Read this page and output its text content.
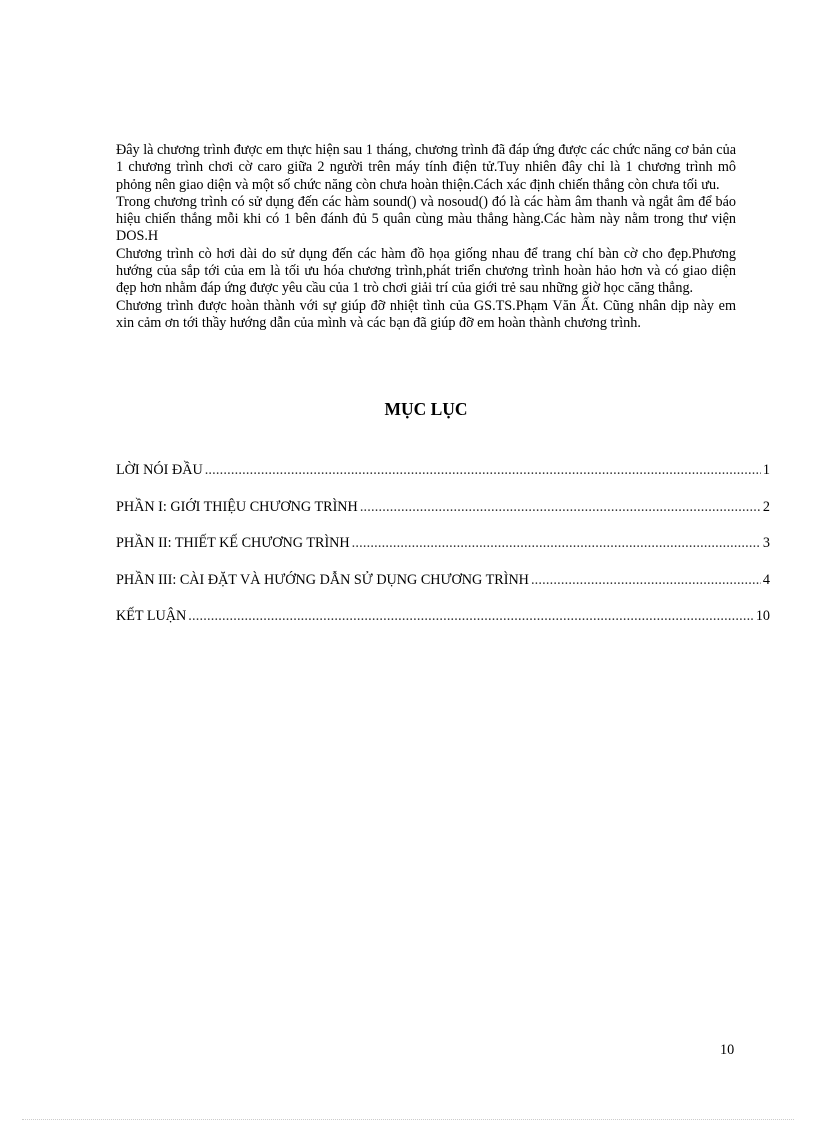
Đây là chương trình được em thực hiện sau 1 tháng, chương trình đã đáp ứng được các chức năng cơ bản của 1 chương trình chơi cờ caro giữa 2 người trên máy tính điện tử.Tuy nhiên đây chỉ là 1 chương trình mô phỏng nên giao diện và một số chức năng còn chưa hoàn thiện.Cách xác định chiến thắng còn chưa tối ưu.

Trong chương trình có sử dụng đến các hàm sound() và nosoud() đó là các hàm âm thanh và ngắt âm để báo hiệu chiến thắng mỗi khi có 1 bên đánh đủ 5 quân cùng màu thẳng hàng.Các hàm này nằm trong thư viện DOS.H

Chương trình cò hơi dài do sử dụng đến các hàm đồ họa giống nhau để trang chí bàn cờ cho đẹp.Phương hướng của sắp tới của em là tối ưu hóa chương trình,phát triển chương trình hoàn hảo hơn và có giao diện đẹp hơn nhằm đáp ứng được yêu cầu của 1 trò chơi giải trí của giới trẻ sau những giờ học căng thẳng.

Chương trình được hoàn thành với sự giúp đỡ nhiệt tình của GS.TS.Phạm Văn Ất. Cũng nhân dịp này em xin cảm ơn tới thầy hướng dẫn của mình và các bạn đã giúp đỡ em hoàn thành chương trình.

MỤC LỤC
LỜI NÓI ĐẦU .....	1
PHẦN I: GIỚI THIỆU CHƯƠNG TRÌNH .....	2
PHẦN II: THIẾT KẾ CHƯƠNG TRÌNH .....	3
PHẦN III: CÀI ĐẶT VÀ HƯỚNG DẪN SỬ DỤNG CHƯƠNG TRÌNH .....	4
KẾT LUẬN .....	10
10
